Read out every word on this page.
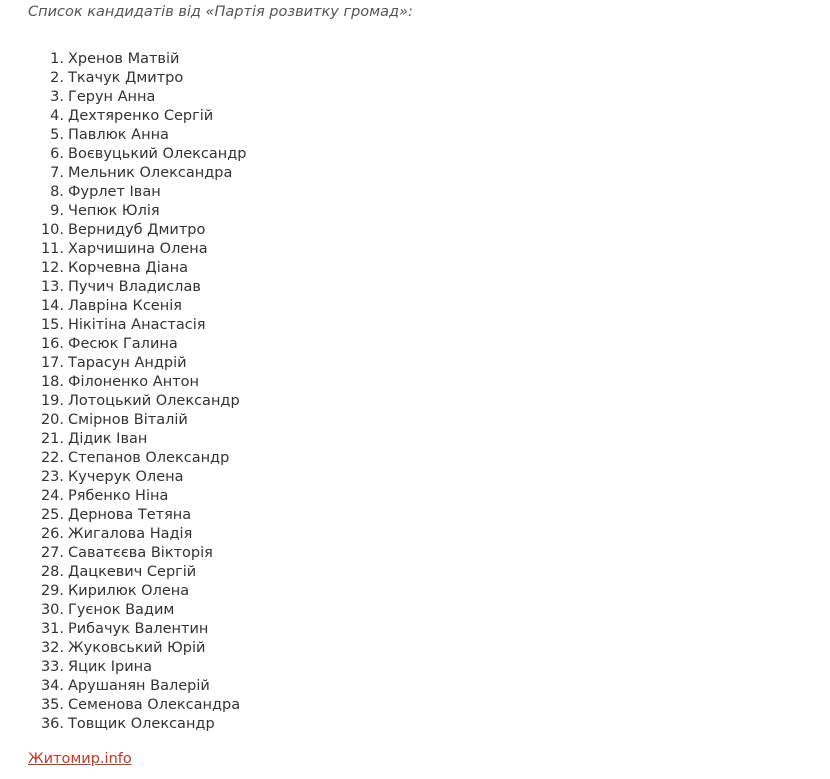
Список кандидатів від «Партія розвитку громад»:

1. Хренов Матвій
2. Ткачук Дмитро
3. Герун Анна
4. Дехтяренко Сергій
5. Павлюк Анна
6. Воєвуцький Олександр
7. Мельник Олександра
8. Фурлет Іван
9. Чепюк Юлія
10. Вернидуб Дмитро
11. Харчишина Олена
12. Корчевна Діана
13. Пучич Владислав
14. Лаврінa Ксенія
15. Нікітіна Анастасія
16. Фесюк Галина
17. Тарасун Андрій
18. Філоненко Антон
19. Лотоцький Олександр
20. Смірнов Віталій
21. Дідик Іван
22. Степанов Олександр
23. Кучерук Олена
24. Рябенко Ніна
25. Дернова Тетяна
26. Жигалова Надія
27. Саватєєва Вікторія
28. Дацкевич Сергій
29. Кирилюк Олена
30. Гуєнок Вадим
31. Рибачук Валентин
32. Жуковський Юрій
33. Яцик Ірина
34. Арушанян Валерій
35. Семенова Олександра
36. Товщик Олександр
Житомир.info
